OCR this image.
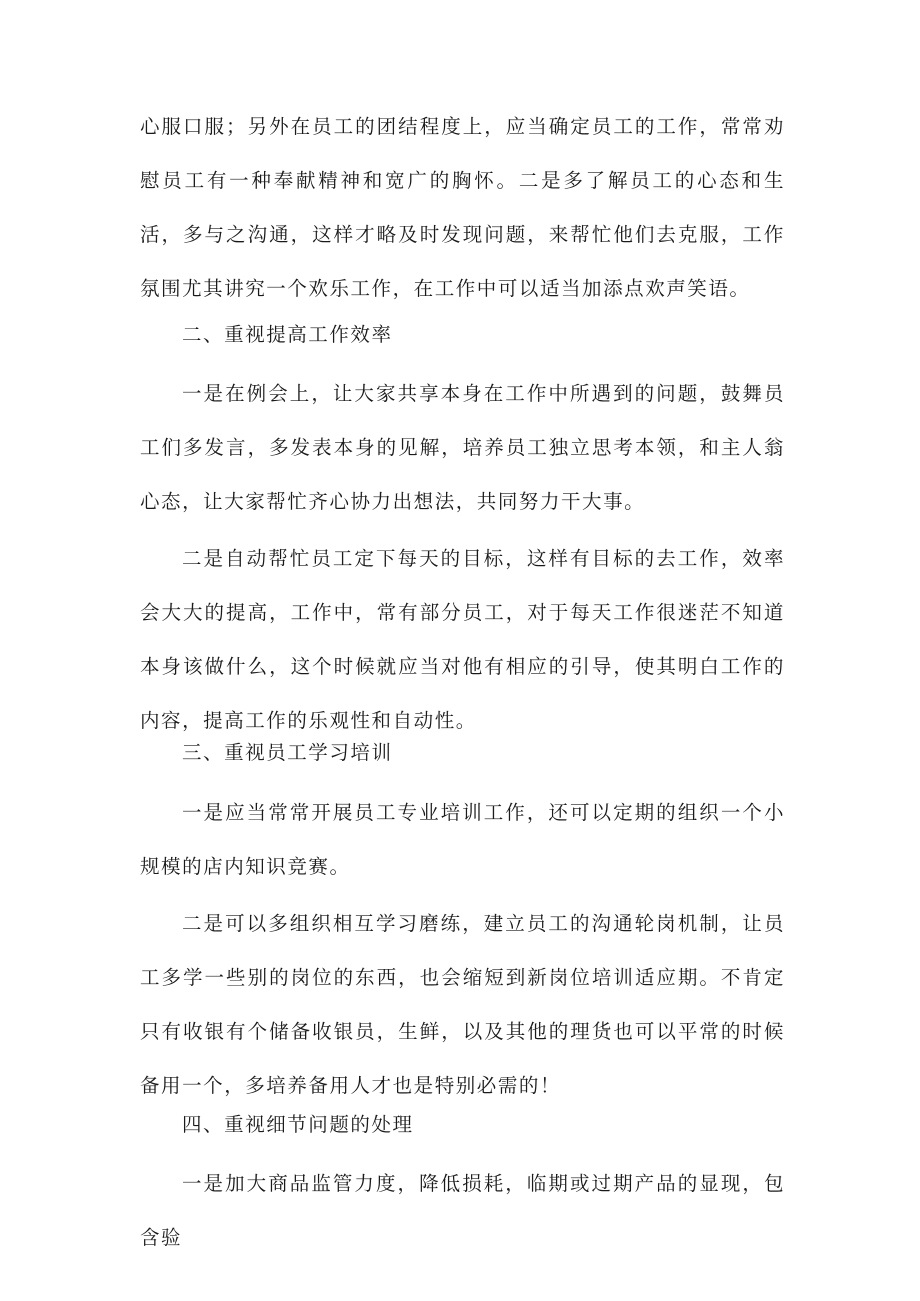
心服口服；另外在员工的团结程度上，应当确定员工的工作，常常劝慰员工有一种奉献精神和宽广的胸怀。二是多了解员工的心态和生活，多与之沟通，这样才略及时发现问题，来帮忙他们去克服，工作氛围尤其讲究一个欢乐工作，在工作中可以适当加添点欢声笑语。

二、重视提高工作效率

一是在例会上，让大家共享本身在工作中所遇到的问题，鼓舞员工们多发言，多发表本身的见解，培养员工独立思考本领，和主人翁心态，让大家帮忙齐心协力出想法，共同努力干大事。

二是自动帮忙员工定下每天的目标，这样有目标的去工作，效率会大大的提高，工作中，常有部分员工，对于每天工作很迷茫不知道本身该做什么，这个时候就应当对他有相应的引导，使其明白工作的内容，提高工作的乐观性和自动性。

三、重视员工学习培训

一是应当常常开展员工专业培训工作，还可以定期的组织一个小规模的店内知识竞赛。

二是可以多组织相互学习磨练，建立员工的沟通轮岗机制，让员工多学一些别的岗位的东西，也会缩短到新岗位培训适应期。不肯定只有收银有个储备收银员，生鲜，以及其他的理货也可以平常的时候备用一个，多培养备用人才也是特别必需的！

四、重视细节问题的处理

一是加大商品监管力度，降低损耗，临期或过期产品的显现，包含验
